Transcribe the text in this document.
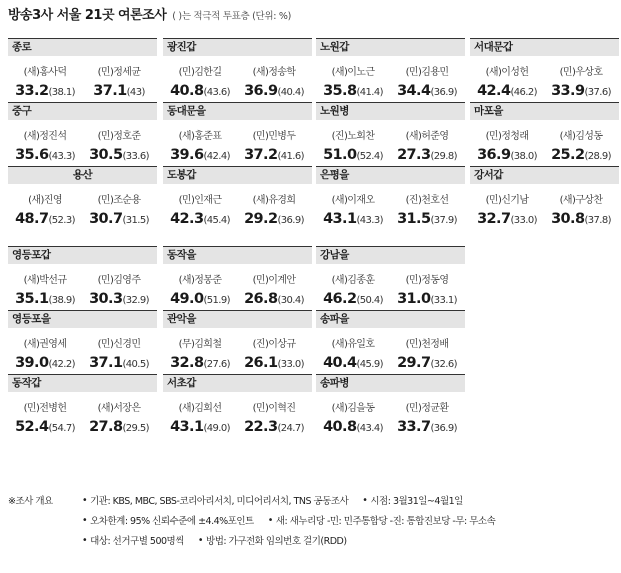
방송3사 서울 21곳 여론조사 ( )는 적극적 투표층 (단위: %)
종로
(새)홍사덕	(민)정세균
33.2(38.1)	37.1(43)
광진갑
(민)김한길	(새)정송학
40.8(43.6) 36.9(40.4)
노원갑
(새)이노근	(민)김용민
35.8(41.4) 34.4(36.9)
서대문갑
(새)이성헌	(민)우상호
42.4(46.2) 33.9(37.6)
중구
(새)정진석	(민)정호준
35.6(43.3) 30.5(33.6)
동대문을
(새)홍준표	(민)민병두
39.6(42.4) 37.2(41.6)
노원병
(진)노회찬	(새)허준영
51.0(52.4) 27.3(29.8)
마포을
(민)정청래	(새)김성동
36.9(38.0) 25.2(28.9)
용산
(새)진영	(민)조순용
48.7(52.3) 30.7(31.5)
도봉갑
(민)인재근	(새)유경희
42.3(45.4) 29.2(36.9)
은평을
(새)이재오	(진)천호선
43.1(43.3) 31.5(37.9)
강서갑
(민)신기남	(새)구상찬
32.7(33.0) 30.8(37.8)
영등포갑
(새)박선규	(민)김영주
35.1(38.9) 30.3(32.9)
동작을
(새)정몽준	(민)이계안
49.0(51.9) 26.8(30.4)
강남을
(새)김종훈	(민)정동영
46.2(50.4) 31.0(33.1)
영등포을
(새)권영세	(민)신경민
39.0(42.2) 37.1(40.5)
관악을
(무)김희철	(진)이상규
32.8(27.6) 26.1(33.0)
송파을
(새)유일호	(민)천정배
40.4(45.9) 29.7(32.6)
동작갑
(민)전병헌	(새)서장은
52.4(54.7) 27.8(29.5)
서초갑
(새)김회선	(민)이혁진
43.1(49.0) 22.3(24.7)
송파병
(새)김을동	(민)정균환
40.8(43.4) 33.7(36.9)
※조사 개요	• 기관: KBS, MBC, SBS-코리아리서치, 미디어리서치, TNS 공동조사 • 시점: 3월31일~4월1일
• 오차한계: 95% 신뢰수준에 ±4.4%포인트 • 새: 새누리당 -민: 민주통합당 -진: 통합진보당 -무: 무소속
• 대상: 선거구별 500명씩 • 방법: 가구전화 임의번호 걸기(RDD)
